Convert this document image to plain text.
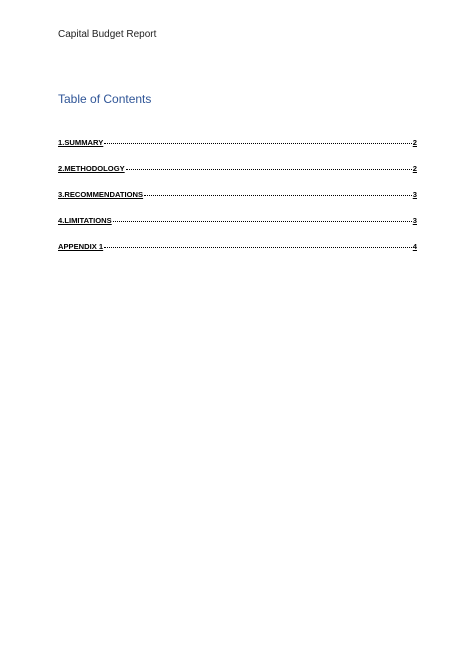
Capital Budget Report
Table of Contents
1.SUMMARY	2
2.METHODOLOGY	2
3.RECOMMENDATIONS	3
4.LIMITATIONS	3
APPENDIX 1	4
